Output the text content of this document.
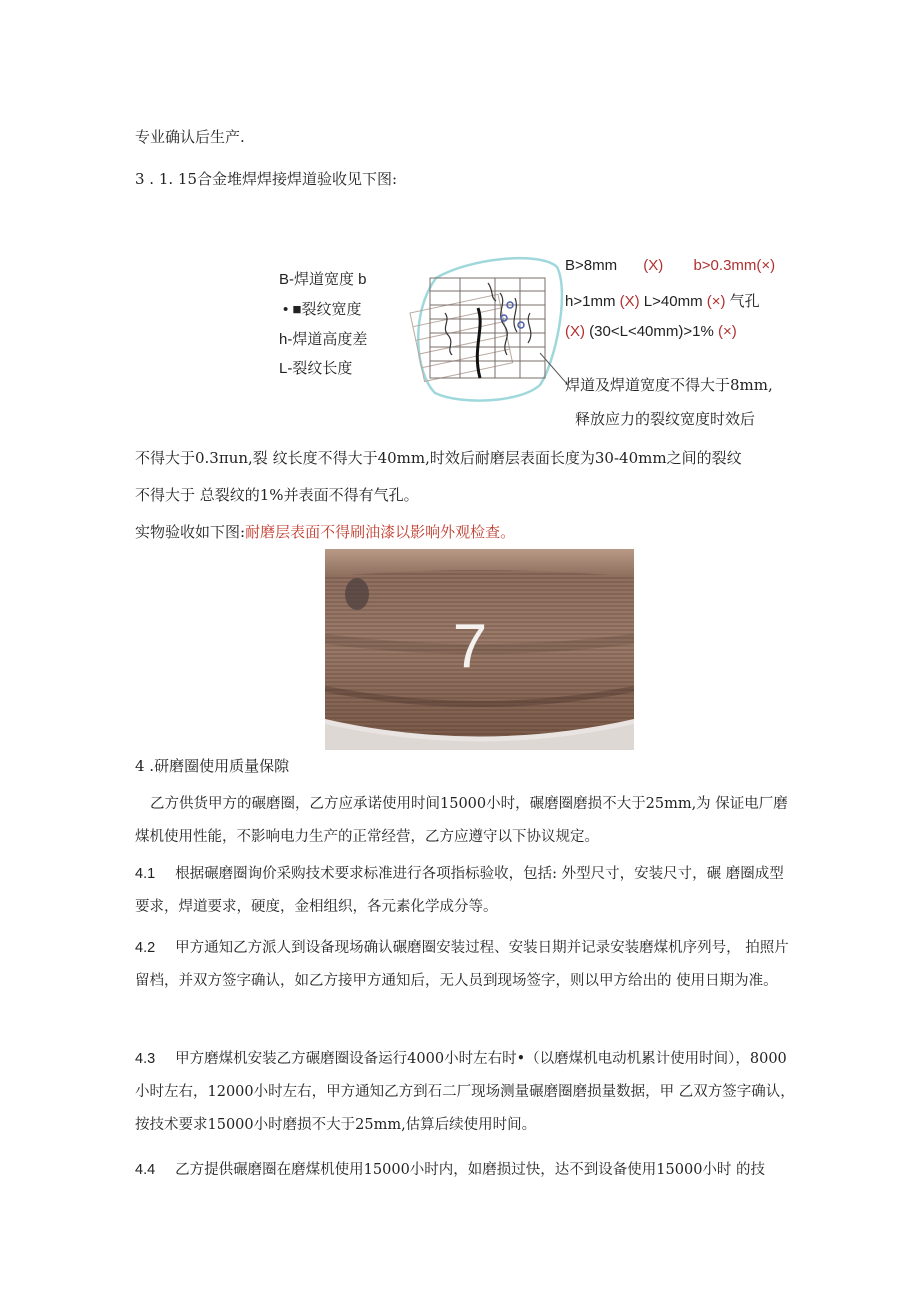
专业确认后生产.
3 . 1. 15合金堆焊焊接焊道验收见下图:
B-焊道宽度 b
• ■裂纹宽度
h-焊道高度差
L-裂纹长度
B>8mm (X) b>0.3mm(×)
h>1mm (X) L>40mm (×) 气孔
(X) (30<L<40mm)>1% (×)
焊道及焊道宽度不得大于8mm,
释放应力的裂纹宽度时效后
不得大于0.3πun,裂 纹长度不得大于40mm,时效后耐磨层表面长度为30-40mm之间的裂纹
不得大于 总裂纹的1%并表面不得有气孔。
实物验收如下图:耐磨层表面不得刷油漆以影响外观检查。
7
4 .研磨圈使用质量保隙
乙方供货甲方的碾磨圈，乙方应承诺使用时间15000小时，碾磨圈磨损不大于25mm,为 保证电厂磨煤机使用性能，不影响电力生产的正常经营，乙方应遵守以下协议规定。
4.1 根据碾磨圈询价采购技术要求标准进行各项指标验收，包括: 外型尺寸，安装尺寸，碾 磨圈成型要求，焊道要求，硬度，金相组织，各元素化学成分等。
4.2 甲方通知乙方派人到设备现场确认碾磨圈安装过程、安装日期并记录安装磨煤机序列号， 拍照片留档，并双方签字确认，如乙方接甲方通知后，无人员到现场签字，则以甲方给出的 使用日期为准。
4.3 甲方磨煤机安装乙方碾磨圈设备运行4000小时左右时•（以磨煤机电动机累计使用时间），8000小时左右，12000小时左右，甲方通知乙方到石二厂现场测量碾磨圈磨损量数据，甲 乙双方签字确认，按技术要求15000小时磨损不大于25mm,估算后续使用时间。
4.4 乙方提供碾磨圈在磨煤机使用15000小时内，如磨损过快，达不到设备使用15000小时 的技
